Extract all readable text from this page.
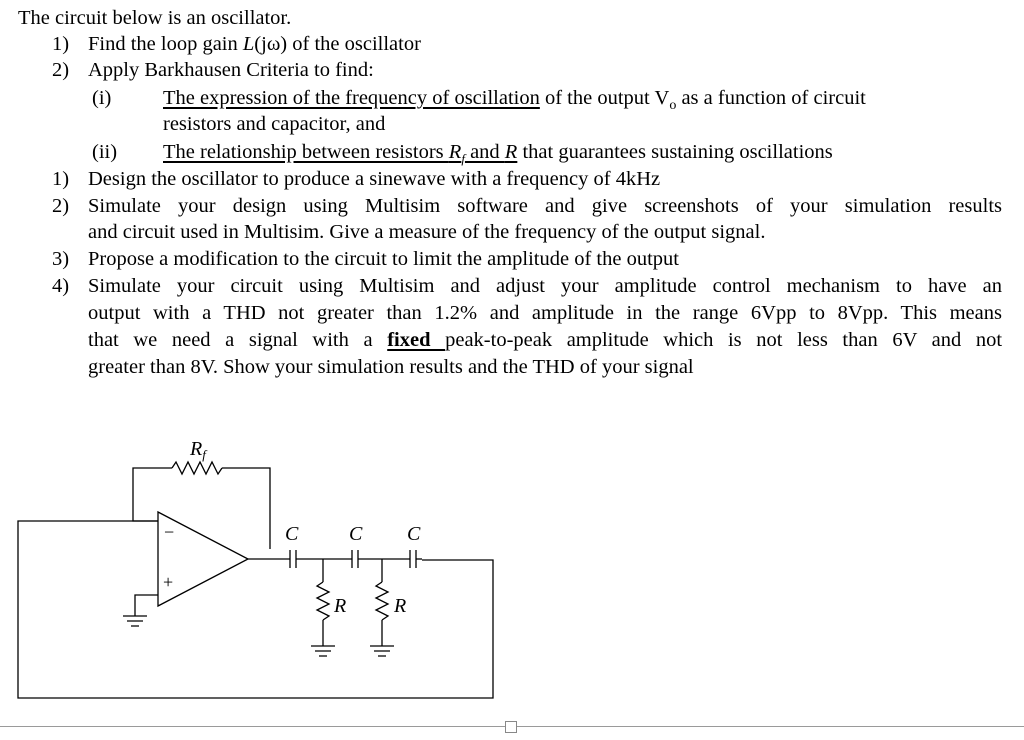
The circuit below is an oscillator.
1) Find the loop gain L(jω) of the oscillator
2) Apply Barkhausen Criteria to find:
(i)	The expression of the frequency of oscillation of the output $V_o$ as a function of circuit
resistors and capacitor, and
(ii) The relationship between resistors $R_f$ and R that guarantees sustaining oscillations
1) Design the oscillator to produce a sinewave with a frequency of 4kHz
2) Simulate your design using Multisim software and give screenshots of your simulation results
and circuit used in Multisim. Give a measure of the frequency of the output signal.
3) Propose a modification to the circuit to limit the amplitude of the output
4) Simulate your circuit using Multisim and adjust your amplitude control mechanism to have an
output with a THD not greater than 1.2% and amplitude in the range 6Vpp to 8Vpp. This means
that we need a signal with a fixed peak-to-peak amplitude which is not less than 6V and not
greater than 8V. Show your simulation results and the THD of your signal
$R_f$
−
+
C	C C
R R
